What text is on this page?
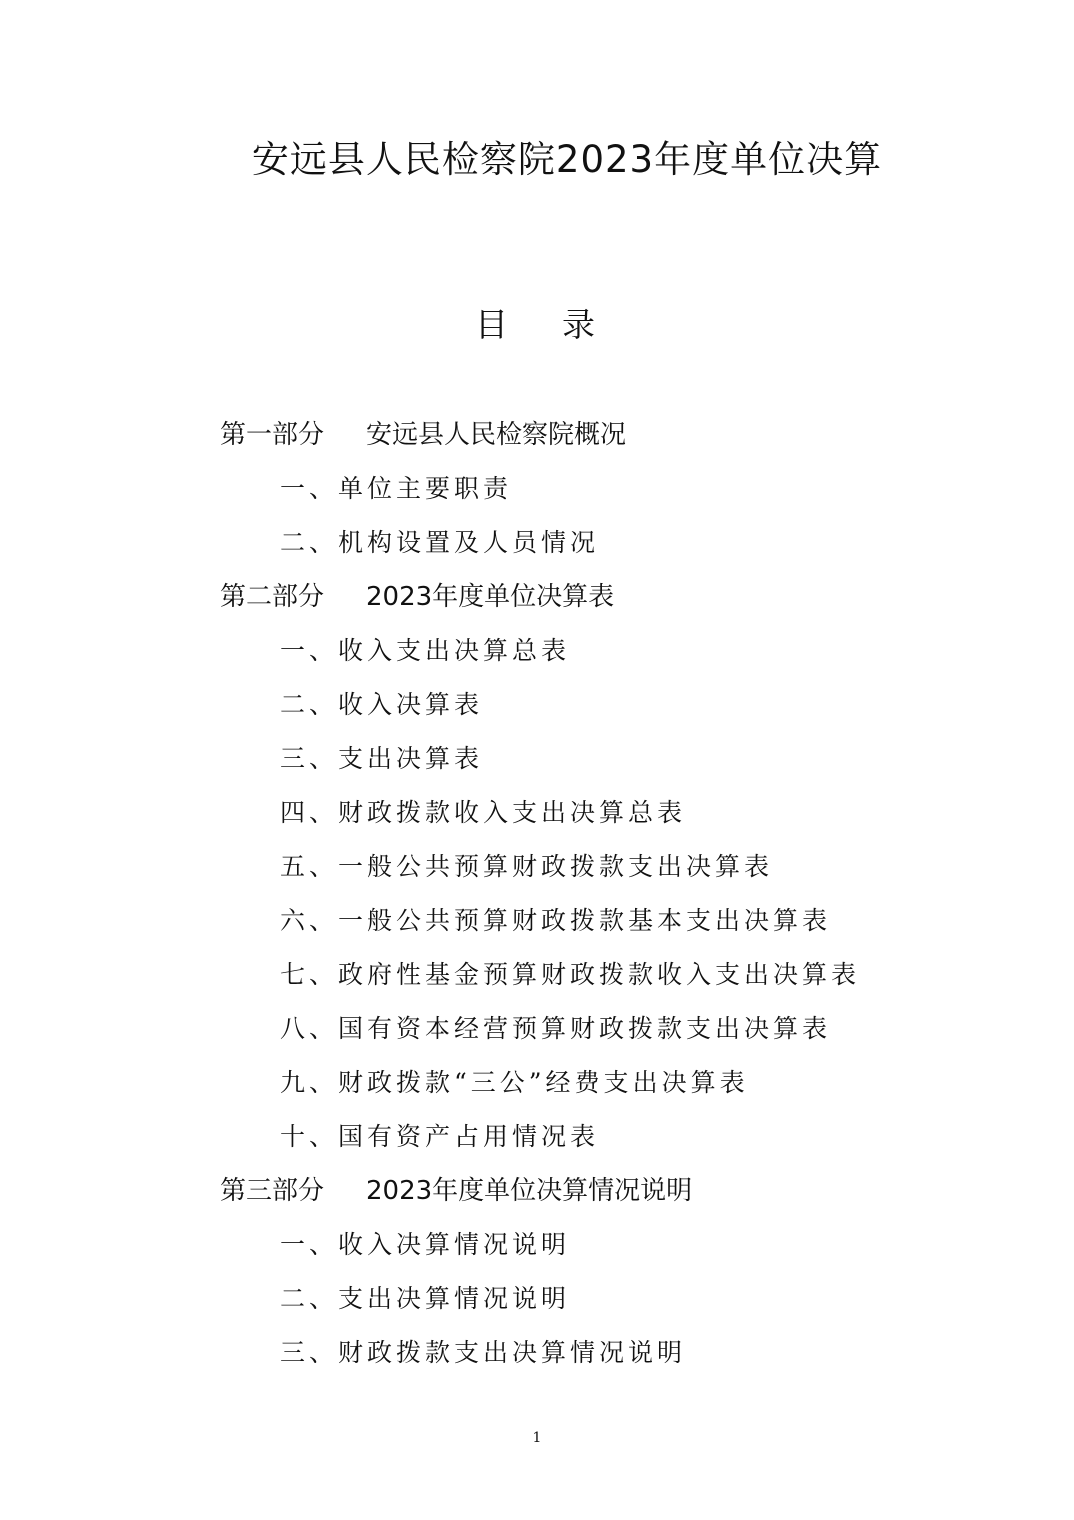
安远县人民检察院2023年度单位决算
目 录
第一部分	安远县人民检察院概况
一、单位主要职责
二、机构设置及人员情况
第二部分	2023年度单位决算表
一、收入支出决算总表
二、收入决算表
三、支出决算表
四、财政拨款收入支出决算总表
五、一般公共预算财政拨款支出决算表
六、一般公共预算财政拨款基本支出决算表
七、政府性基金预算财政拨款收入支出决算表
八、国有资本经营预算财政拨款支出决算表
九、财政拨款“三公”经费支出决算表
十、国有资产占用情况表
第三部分	2023年度单位决算情况说明
一、收入决算情况说明
二、支出决算情况说明
三、财政拨款支出决算情况说明
1
